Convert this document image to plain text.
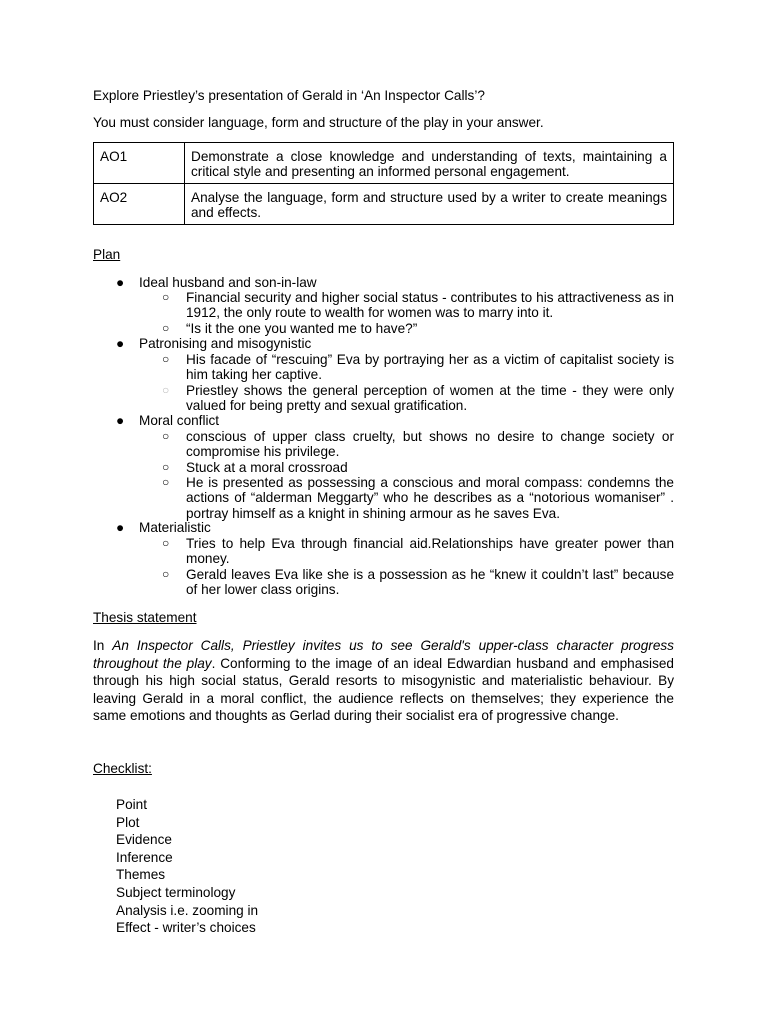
Explore Priestley’s presentation of Gerald in ‘An Inspector Calls’?
You must consider language, form and structure of the play in your answer.
AO1	Demonstrate a close knowledge and understanding of texts, maintaining a critical style and presenting an informed personal engagement.
AO2	Analyse the language, form and structure used by a writer to create meanings and effects.
Plan
● Ideal husband and son-in-law
○ Financial security and higher social status - contributes to his attractiveness as in 1912, the only route to wealth for women was to marry into it.
○ “Is it the one you wanted me to have?”
● Patronising and misogynistic
○ His facade of “rescuing” Eva by portraying her as a victim of capitalist society is him taking her captive.
○ Priestley shows the general perception of women at the time - they were only valued for being pretty and sexual gratification.
● Moral conflict
○ conscious of upper class cruelty, but shows no desire to change society or compromise his privilege.
○ Stuck at a moral crossroad
○ He is presented as possessing a conscious and moral compass: condemns the actions of “alderman Meggarty” who he describes as a “notorious womaniser” . portray himself as a knight in shining armour as he saves Eva.
● Materialistic
○ Tries to help Eva through financial aid.Relationships have greater power than money.
○ Gerald leaves Eva like she is a possession as he “knew it couldn’t last” because of her lower class origins.
Thesis statement

In An Inspector Calls, Priestley invites us to see Gerald's upper-class character progress throughout the play. Conforming to the image of an ideal Edwardian husband and emphasised through his high social status, Gerald resorts to misogynistic and materialistic behaviour. By leaving Gerald in a moral conflict, the audience reflects on themselves; they experience the same emotions and thoughts as Gerlad during their socialist era of progressive change.

Checklist:
Point
Plot
Evidence
Inference
Themes
Subject terminology
Analysis i.e. zooming in
Effect - writer’s choices
